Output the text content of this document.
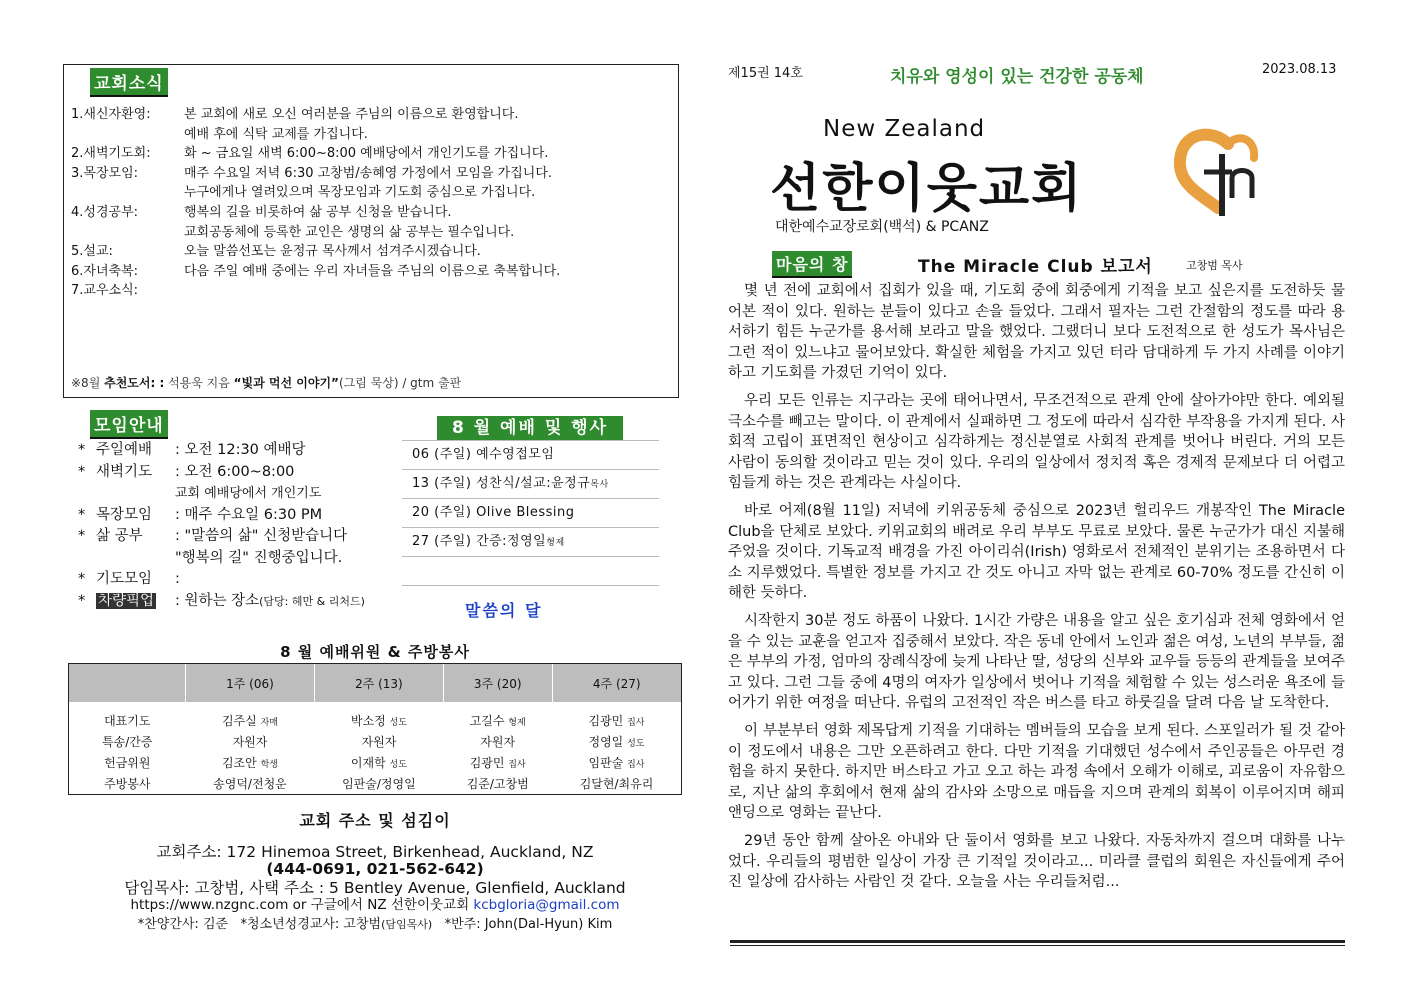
교회소식
1.새신자환영:	본 교회에 새로 오신 여러분을 주님의 이름으로 환영합니다.
예배 후에 식탁 교제를 가집니다.
2.새벽기도회:	화 ~ 금요일 새벽 6:00~8:00 예배당에서 개인기도를 가집니다.
3.목장모임:	매주 수요일 저녁 6:30 고창범/송혜영 가정에서 모임을 가집니다.
누구에게나 열려있으며 목장모임과 기도회 중심으로 가집니다.
4.성경공부:	행복의 길을 비롯하여 삶 공부 신청을 받습니다.
교회공동체에 등록한 교인은 생명의 삶 공부는 필수입니다.
5.설교:	오늘 말씀선포는 윤정규 목사께서 섬겨주시겠습니다.
6.자녀축복:	다음 주일 예배 중에는 우리 자녀들을 주님의 이름으로 축복합니다.
7.교우소식:
※8월 추천도서: : 석용욱 지음 “빛과 먹선 이야기”(그림 묵상) / gtm 출판
모임안내
* 주일예배	: 오전 12:30 예배당
* 새벽기도	: 오전 6:00~8:00
교회 예배당에서 개인기도
* 목장모임	: 매주 수요일 6:30 PM
* 삶 공부	: "말씀의 삶" 신청받습니다
"행복의 길" 진행중입니다.
* 기도모임	:
* 차량픽업	: 원하는 장소(담당: 헤만 & 리처드)
8 월 예배 및 행사
06 (주일) 예수영접모임
13 (주일) 성찬식/설교:윤정규목사
20 (주일) Olive Blessing
27 (주일) 간증:정영일형제
말씀의 달
8 월 예배위원 & 주방봉사
	1주 (06)	2주 (13)	3주 (20)	4주 (27)
대표기도	김주실 자매	박소정 성도	고길수 형제	김광민 집사
특송/간증	자원자	자원자	자원자	정영일 성도
헌금위원	김조안 학생	이재학 성도	김광민 집사	임판술 집사
주방봉사	송영덕/전청운	임판술/정영일	김준/고창범	김달현/최유리
교회 주소 및 섬김이
교회주소: 172 Hinemoa Street, Birkenhead, Auckland, NZ
(444-0691, 021-562-642)
담임목사: 고창범, 사택 주소 : 5 Bentley Avenue, Glenfield, Auckland
https://www.nzgnc.com or 구글에서 NZ 선한이웃교회 kcbgloria@gmail.com
*찬양간사: 김준 *청소년성경교사: 고창범(담임목사) *반주: John(Dal-Hyun) Kim
제15권 14호	치유와 영성이 있는 건강한 공동체	2023.08.13
New Zealand
선한이웃교회
대한예수교장로회(백석) & PCANZ
마음의 창	The Miracle Club 보고서	고창범 목사

몇 년 전에 교회에서 집회가 있을 때, 기도회 중에 회중에게 기적을 보고 싶은지를 도전하듯 물어본 적이 있다. 원하는 분들이 있다고 손을 들었다. 그래서 필자는 그런 간절함의 정도를 따라 용서하기 힘든 누군가를 용서해 보라고 말을 했었다. 그랬더니 보다 도전적으로 한 성도가 목사님은 그런 적이 있느냐고 물어보았다. 확실한 체험을 가지고 있던 터라 담대하게 두 가지 사례를 이야기하고 기도회를 가졌던 기억이 있다.

우리 모든 인류는 지구라는 곳에 태어나면서, 무조건적으로 관계 안에 살아가야만 한다. 예외될 극소수를 빼고는 말이다. 이 관계에서 실패하면 그 정도에 따라서 심각한 부작용을 가지게 된다. 사회적 고립이 표면적인 현상이고 심각하게는 정신분열로 사회적 관계를 벗어나 버린다. 거의 모든 사람이 동의할 것이라고 믿는 것이 있다. 우리의 일상에서 정치적 혹은 경제적 문제보다 더 어렵고 힘들게 하는 것은 관계라는 사실이다.

바로 어제(8월 11일) 저녁에 키위공동체 중심으로 2023년 헐리우드 개봉작인 The Miracle Club을 단체로 보았다. 키위교회의 배려로 우리 부부도 무료로 보았다. 물론 누군가가 대신 지불해 주었을 것이다. 기독교적 배경을 가진 아이리쉬(Irish) 영화로서 전체적인 분위기는 조용하면서 다소 지루했었다. 특별한 정보를 가지고 간 것도 아니고 자막 없는 관계로 60-70% 정도를 간신히 이해한 듯하다.

시작한지 30분 정도 하품이 나왔다. 1시간 가량은 내용을 알고 싶은 호기심과 전체 영화에서 얻을 수 있는 교훈을 얻고자 집중해서 보았다. 작은 동네 안에서 노인과 젊은 여성, 노년의 부부들, 젊은 부부의 가정, 엄마의 장례식장에 늦게 나타난 딸, 성당의 신부와 교우들 등등의 관계들을 보여주고 있다. 그런 그들 중에 4명의 여자가 일상에서 벗어나 기적을 체험할 수 있는 성스러운 욕조에 들어가기 위한 여정을 떠난다. 유럽의 고전적인 작은 버스를 타고 하룻길을 달려 다음 날 도착한다.

이 부분부터 영화 제목답게 기적을 기대하는 멤버들의 모습을 보게 된다. 스포일러가 될 것 같아 이 정도에서 내용은 그만 오픈하려고 한다. 다만 기적을 기대했던 성수에서 주인공들은 아무런 경험을 하지 못한다. 하지만 버스타고 가고 오고 하는 과정 속에서 오해가 이해로, 괴로움이 자유함으로, 지난 삶의 후회에서 현재 삶의 감사와 소망으로 매듭을 지으며 관계의 회복이 이루어지며 해피앤딩으로 영화는 끝난다.

29년 동안 함께 살아온 아내와 단 둘이서 영화를 보고 나왔다. 자동차까지 걸으며 대화를 나누었다. 우리들의 평범한 일상이 가장 큰 기적일 것이라고... 미라클 클럽의 회원은 자신들에게 주어진 일상에 감사하는 사람인 것 같다. 오늘을 사는 우리들처럼...
